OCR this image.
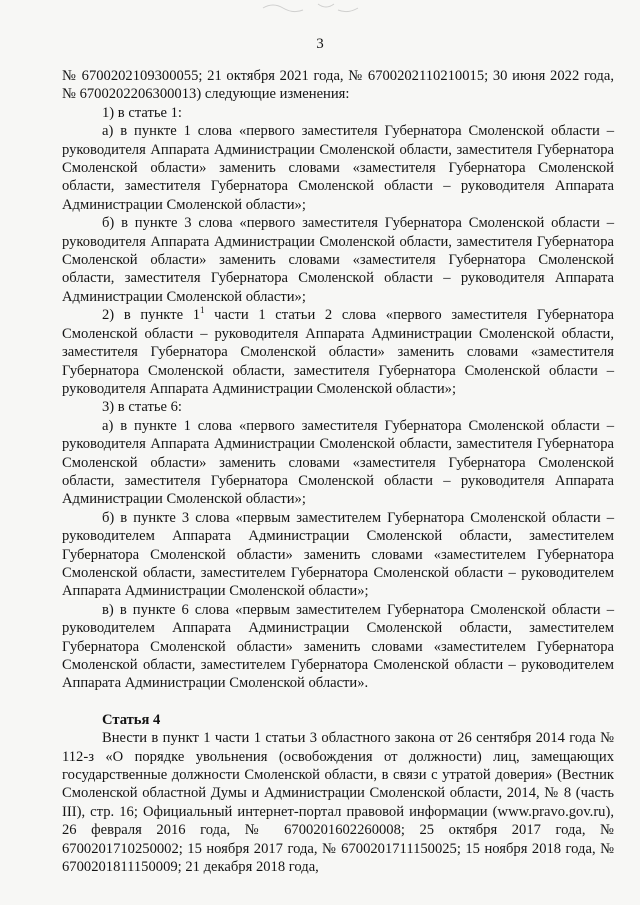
3

№ 6700202109300055; 21 октября 2021 года, № 6700202110210015; 30 июня 2022 года, № 6700202206300013) следующие изменения:

1) в статье 1:

а) в пункте 1 слова «первого заместителя Губернатора Смоленской области – руководителя Аппарата Администрации Смоленской области, заместителя Губернатора Смоленской области» заменить словами «заместителя Губернатора Смоленской области, заместителя Губернатора Смоленской области – руководителя Аппарата Администрации Смоленской области»;

б) в пункте 3 слова «первого заместителя Губернатора Смоленской области – руководителя Аппарата Администрации Смоленской области, заместителя Губернатора Смоленской области» заменить словами «заместителя Губернатора Смоленской области, заместителя Губернатора Смоленской области – руководителя Аппарата Администрации Смоленской области»;

2) в пункте $1^1$ части 1 статьи 2 слова «первого заместителя Губернатора Смоленской области – руководителя Аппарата Администрации Смоленской области, заместителя Губернатора Смоленской области» заменить словами «заместителя Губернатора Смоленской области, заместителя Губернатора Смоленской области – руководителя Аппарата Администрации Смоленской области»;

3) в статье 6:

а) в пункте 1 слова «первого заместителя Губернатора Смоленской области – руководителя Аппарата Администрации Смоленской области, заместителя Губернатора Смоленской области» заменить словами «заместителя Губернатора Смоленской области, заместителя Губернатора Смоленской области – руководителя Аппарата Администрации Смоленской области»;

б) в пункте 3 слова «первым заместителем Губернатора Смоленской области – руководителем Аппарата Администрации Смоленской области, заместителем Губернатора Смоленской области» заменить словами «заместителем Губернатора Смоленской области, заместителем Губернатора Смоленской области – руководителем Аппарата Администрации Смоленской области»;

в) в пункте 6 слова «первым заместителем Губернатора Смоленской области – руководителем Аппарата Администрации Смоленской области, заместителем Губернатора Смоленской области» заменить словами «заместителем Губернатора Смоленской области, заместителем Губернатора Смоленской области – руководителем Аппарата Администрации Смоленской области».

Статья 4

Внести в пункт 1 части 1 статьи 3 областного закона от 26 сентября 2014 года № 112-з «О порядке увольнения (освобождения от должности) лиц, замещающих государственные должности Смоленской области, в связи с утратой доверия» (Вестник Смоленской областной Думы и Администрации Смоленской области, 2014, № 8 (часть III), стр. 16; Официальный интернет-портал правовой информации (www.pravo.gov.ru), 26 февраля 2016 года, № 6700201602260008; 25 октября 2017 года, № 6700201710250002; 15 ноября 2017 года, № 6700201711150025; 15 ноября 2018 года, № 6700201811150009; 21 декабря 2018 года,
